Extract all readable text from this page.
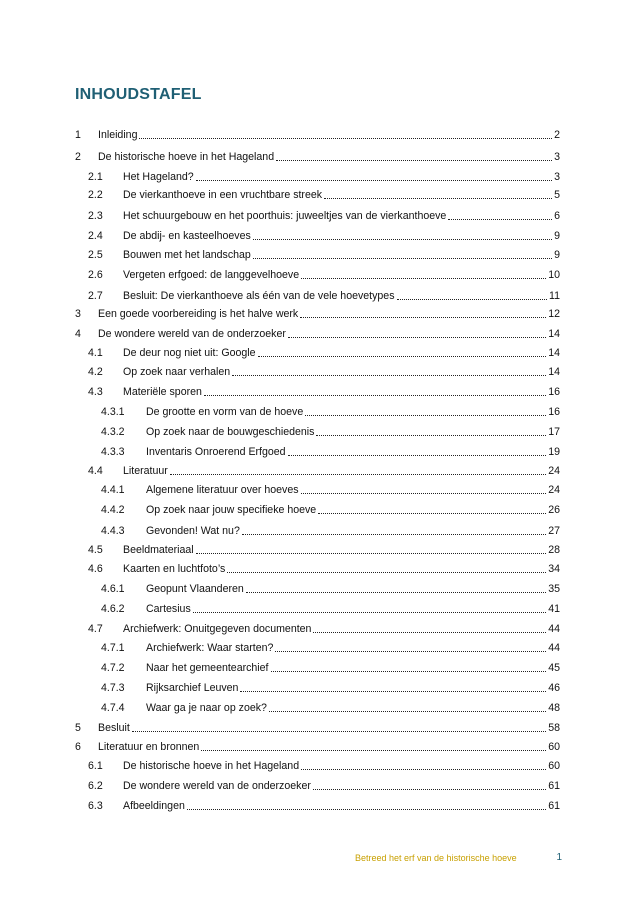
INHOUDSTAFEL
1	Inleiding	2
2	De historische hoeve in het Hageland	3
2.1	Het Hageland?	3
2.2	De vierkanthoeve in een vruchtbare streek	5
2.3	Het schuurgebouw en het poorthuis: juweeltjes van de vierkanthoeve	6
2.4	De abdij- en kasteelhoeves	9
2.5	Bouwen met het landschap	9
2.6	Vergeten erfgoed: de langgevelhoeve	10
2.7	Besluit: De vierkanthoeve als één van de vele hoevetypes	11
3	Een goede voorbereiding is het halve werk	12
4	De wondere wereld van de onderzoeker	14
4.1	De deur nog niet uit: Google	14
4.2	Op zoek naar verhalen	14
4.3	Materiële sporen	16
4.3.1	De grootte en vorm van de hoeve	16
4.3.2	Op zoek naar de bouwgeschiedenis	17
4.3.3	Inventaris Onroerend Erfgoed	19
4.4	Literatuur	24
4.4.1	Algemene literatuur over hoeves	24
4.4.2	Op zoek naar jouw specifieke hoeve	26
4.4.3	Gevonden! Wat nu?	27
4.5	Beeldmateriaal	28
4.6	Kaarten en luchtfoto’s	34
4.6.1	Geopunt Vlaanderen	35
4.6.2	Cartesius	41
4.7	Archiefwerk: Onuitgegeven documenten	44
4.7.1	Archiefwerk: Waar starten?	44
4.7.2	Naar het gemeentearchief	45
4.7.3	Rijksarchief Leuven	46
4.7.4	Waar ga je naar op zoek?	48
5	Besluit	58
6	Literatuur en bronnen	60
6.1	De historische hoeve in het Hageland	60
6.2	De wondere wereld van de onderzoeker	61
6.3	Afbeeldingen	61
Betreed het erf van de historische hoeve	1
